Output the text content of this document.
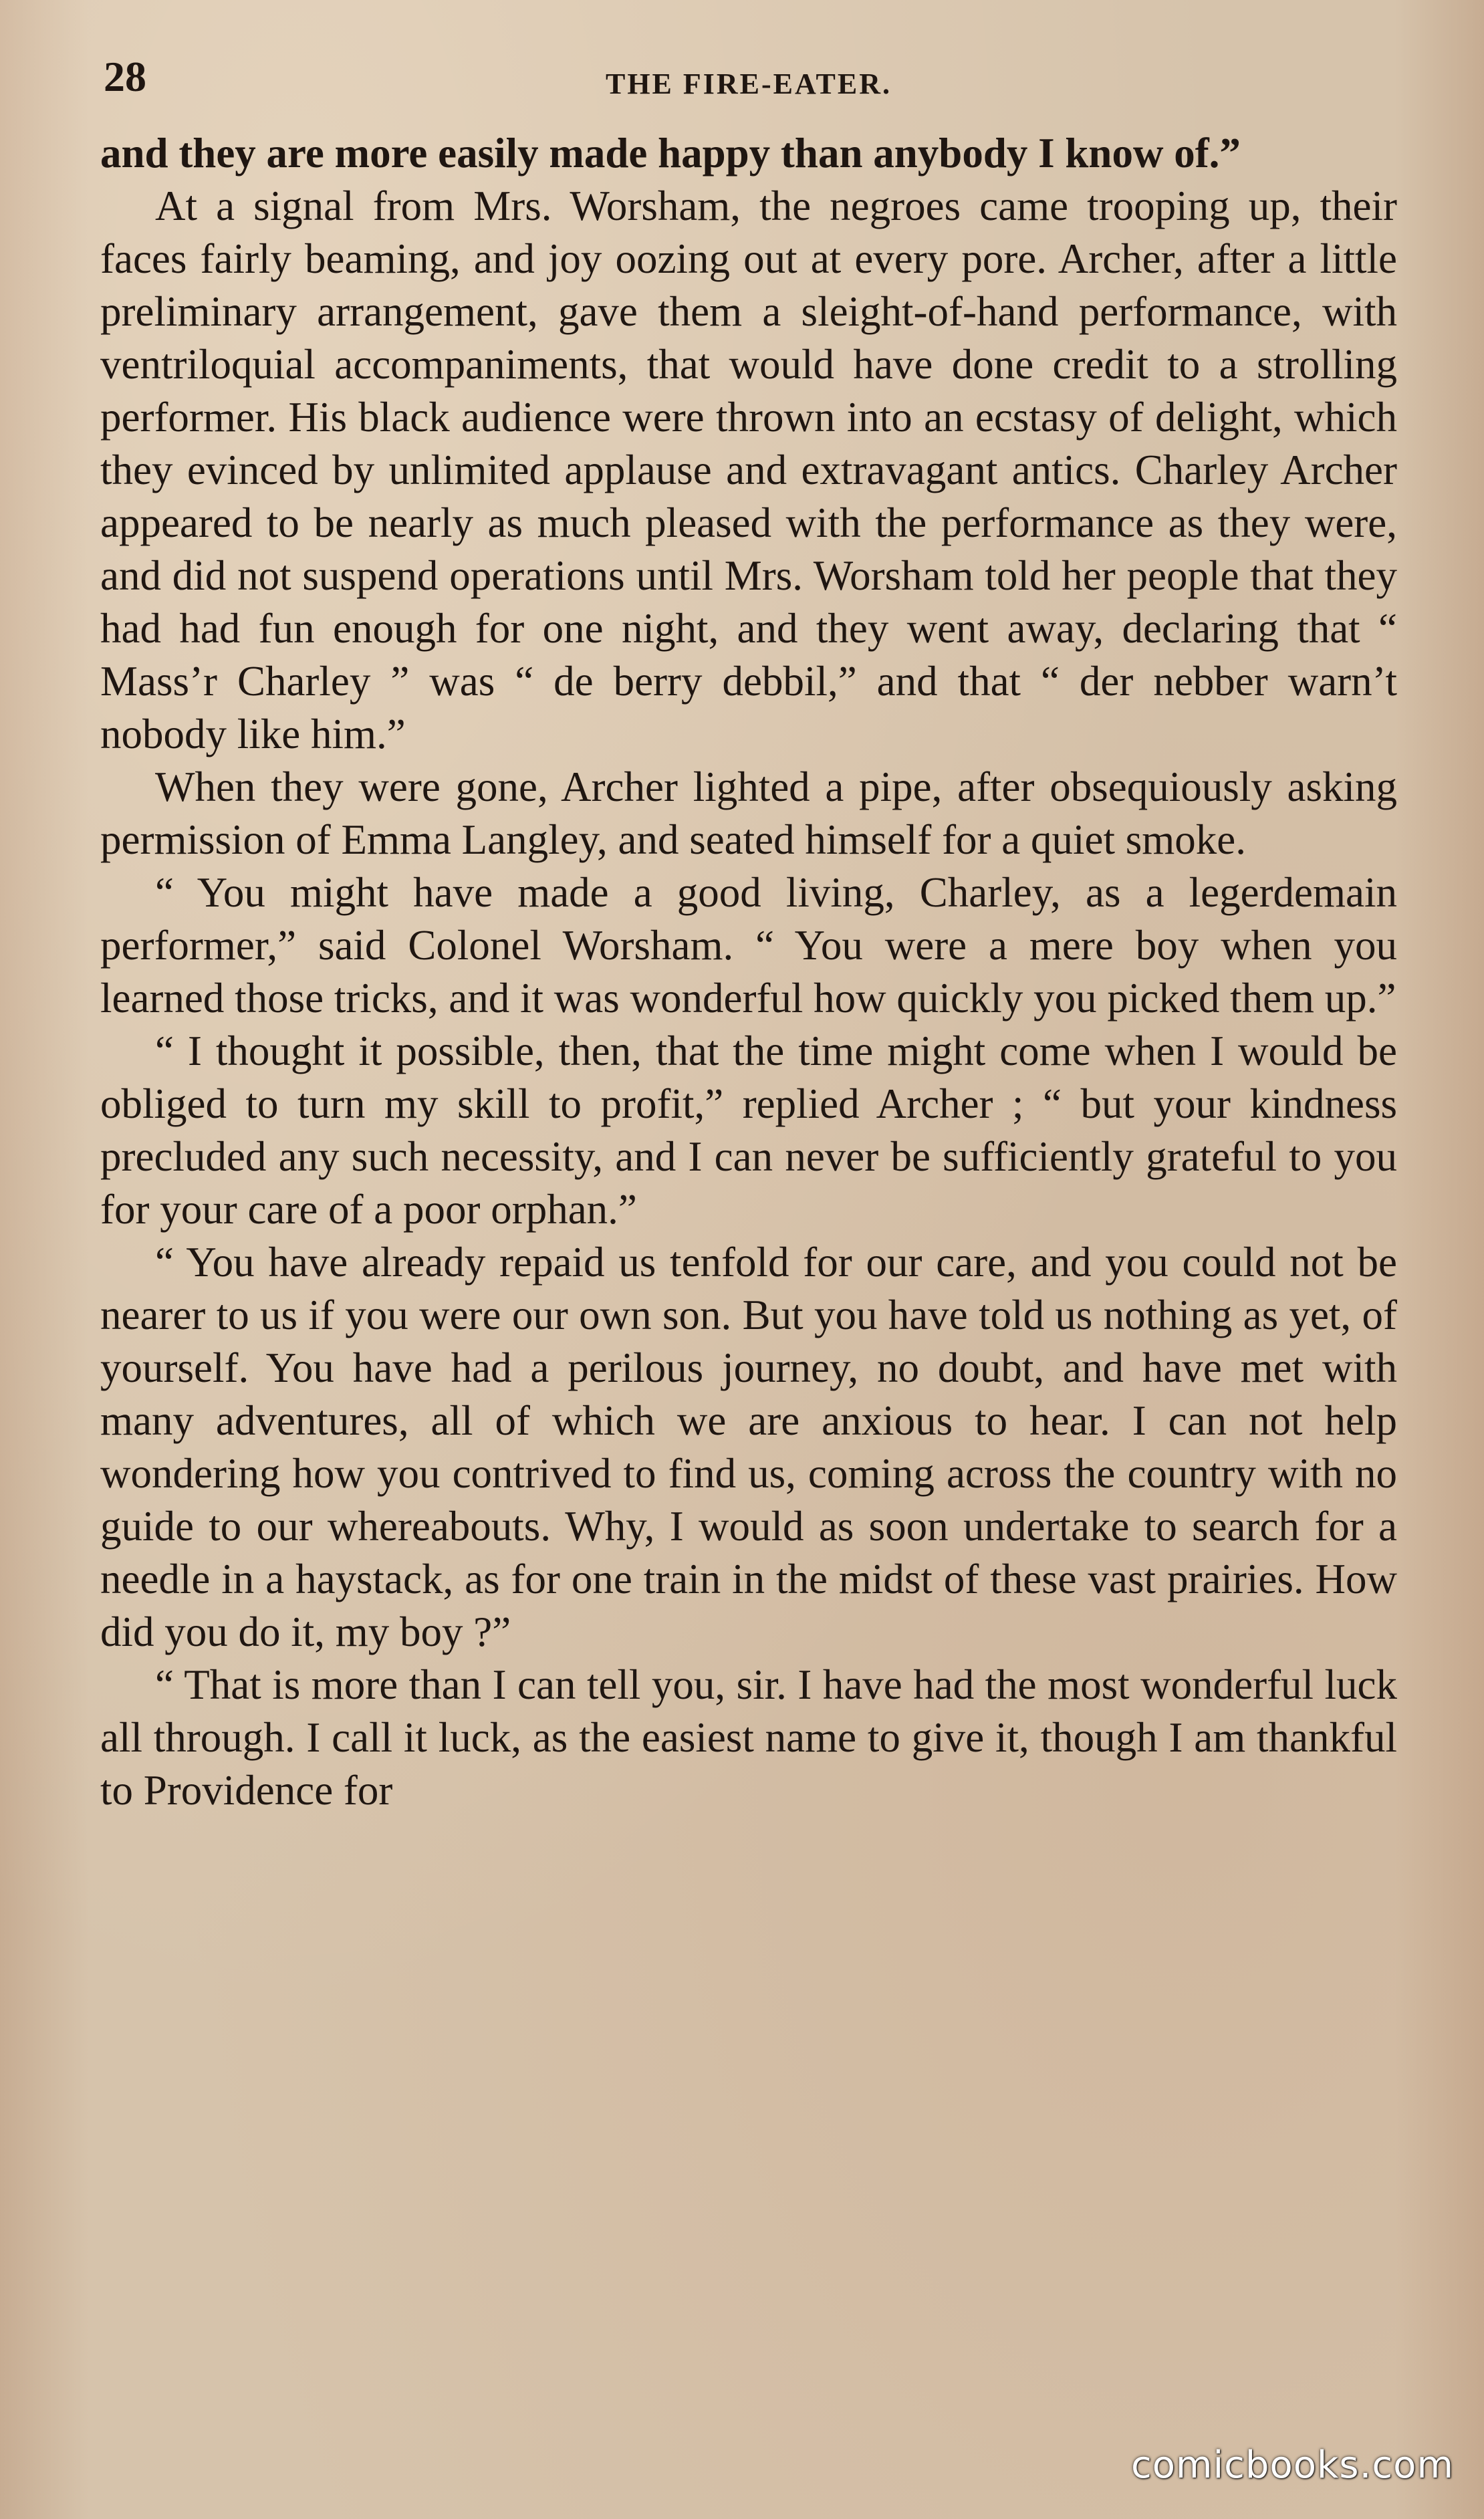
28	THE FIRE-EATER.

and they are more easily made happy than anybody I know of.”

At a signal from Mrs. Worsham, the negroes came trooping up, their faces fairly beaming, and joy oozing out at every pore. Archer, after a little preliminary arrangement, gave them a sleight-of-hand performance, with ventriloquial accompaniments, that would have done credit to a strolling performer. His black audience were thrown into an ecstasy of delight, which they evinced by unlimited applause and extravagant antics. Charley Archer appeared to be nearly as much pleased with the performance as they were, and did not suspend operations until Mrs. Worsham told her people that they had had fun enough for one night, and they went away, declaring that “ Mass’r Charley ” was “ de berry debbil,” and that “ der nebber warn’t nobody like him.”

When they were gone, Archer lighted a pipe, after obsequiously asking permission of Emma Langley, and seated himself for a quiet smoke.

“ You might have made a good living, Charley, as a legerdemain performer,” said Colonel Worsham. “ You were a mere boy when you learned those tricks, and it was wonderful how quickly you picked them up.”

“ I thought it possible, then, that the time might come when I would be obliged to turn my skill to profit,” replied Archer ; “ but your kindness precluded any such necessity, and I can never be sufficiently grateful to you for your care of a poor orphan.”

“ You have already repaid us tenfold for our care, and you could not be nearer to us if you were our own son. But you have told us nothing as yet, of yourself. You have had a perilous journey, no doubt, and have met with many adventures, all of which we are anxious to hear. I can not help wondering how you contrived to find us, coming across the country with no guide to our whereabouts. Why, I would as soon undertake to search for a needle in a haystack, as for one train in the midst of these vast prairies. How did you do it, my boy ?”

“ That is more than I can tell you, sir. I have had the most wonderful luck all through. I call it luck, as the easiest name to give it, though I am thankful to Providence for

comicbooks.com
